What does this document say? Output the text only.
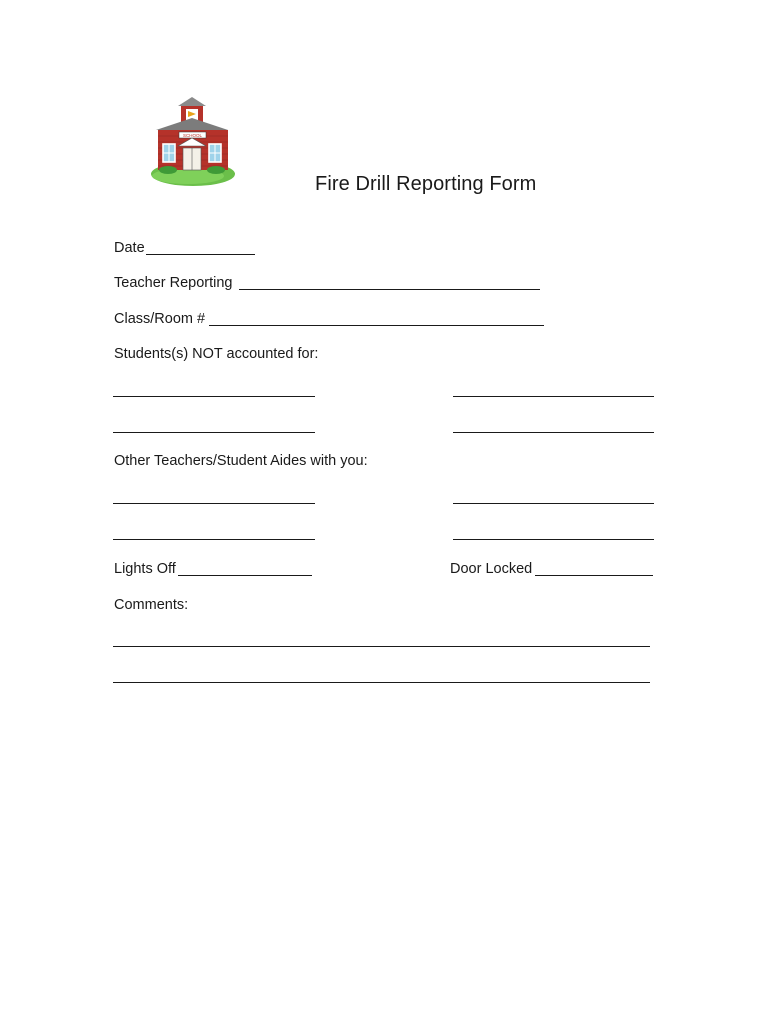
SCHOOL
Fire Drill Reporting Form
Date
Teacher Reporting
Class/Room #
Students(s) NOT accounted for:
Other Teachers/Student Aides with you:
Lights Off	Door Locked
Comments:
